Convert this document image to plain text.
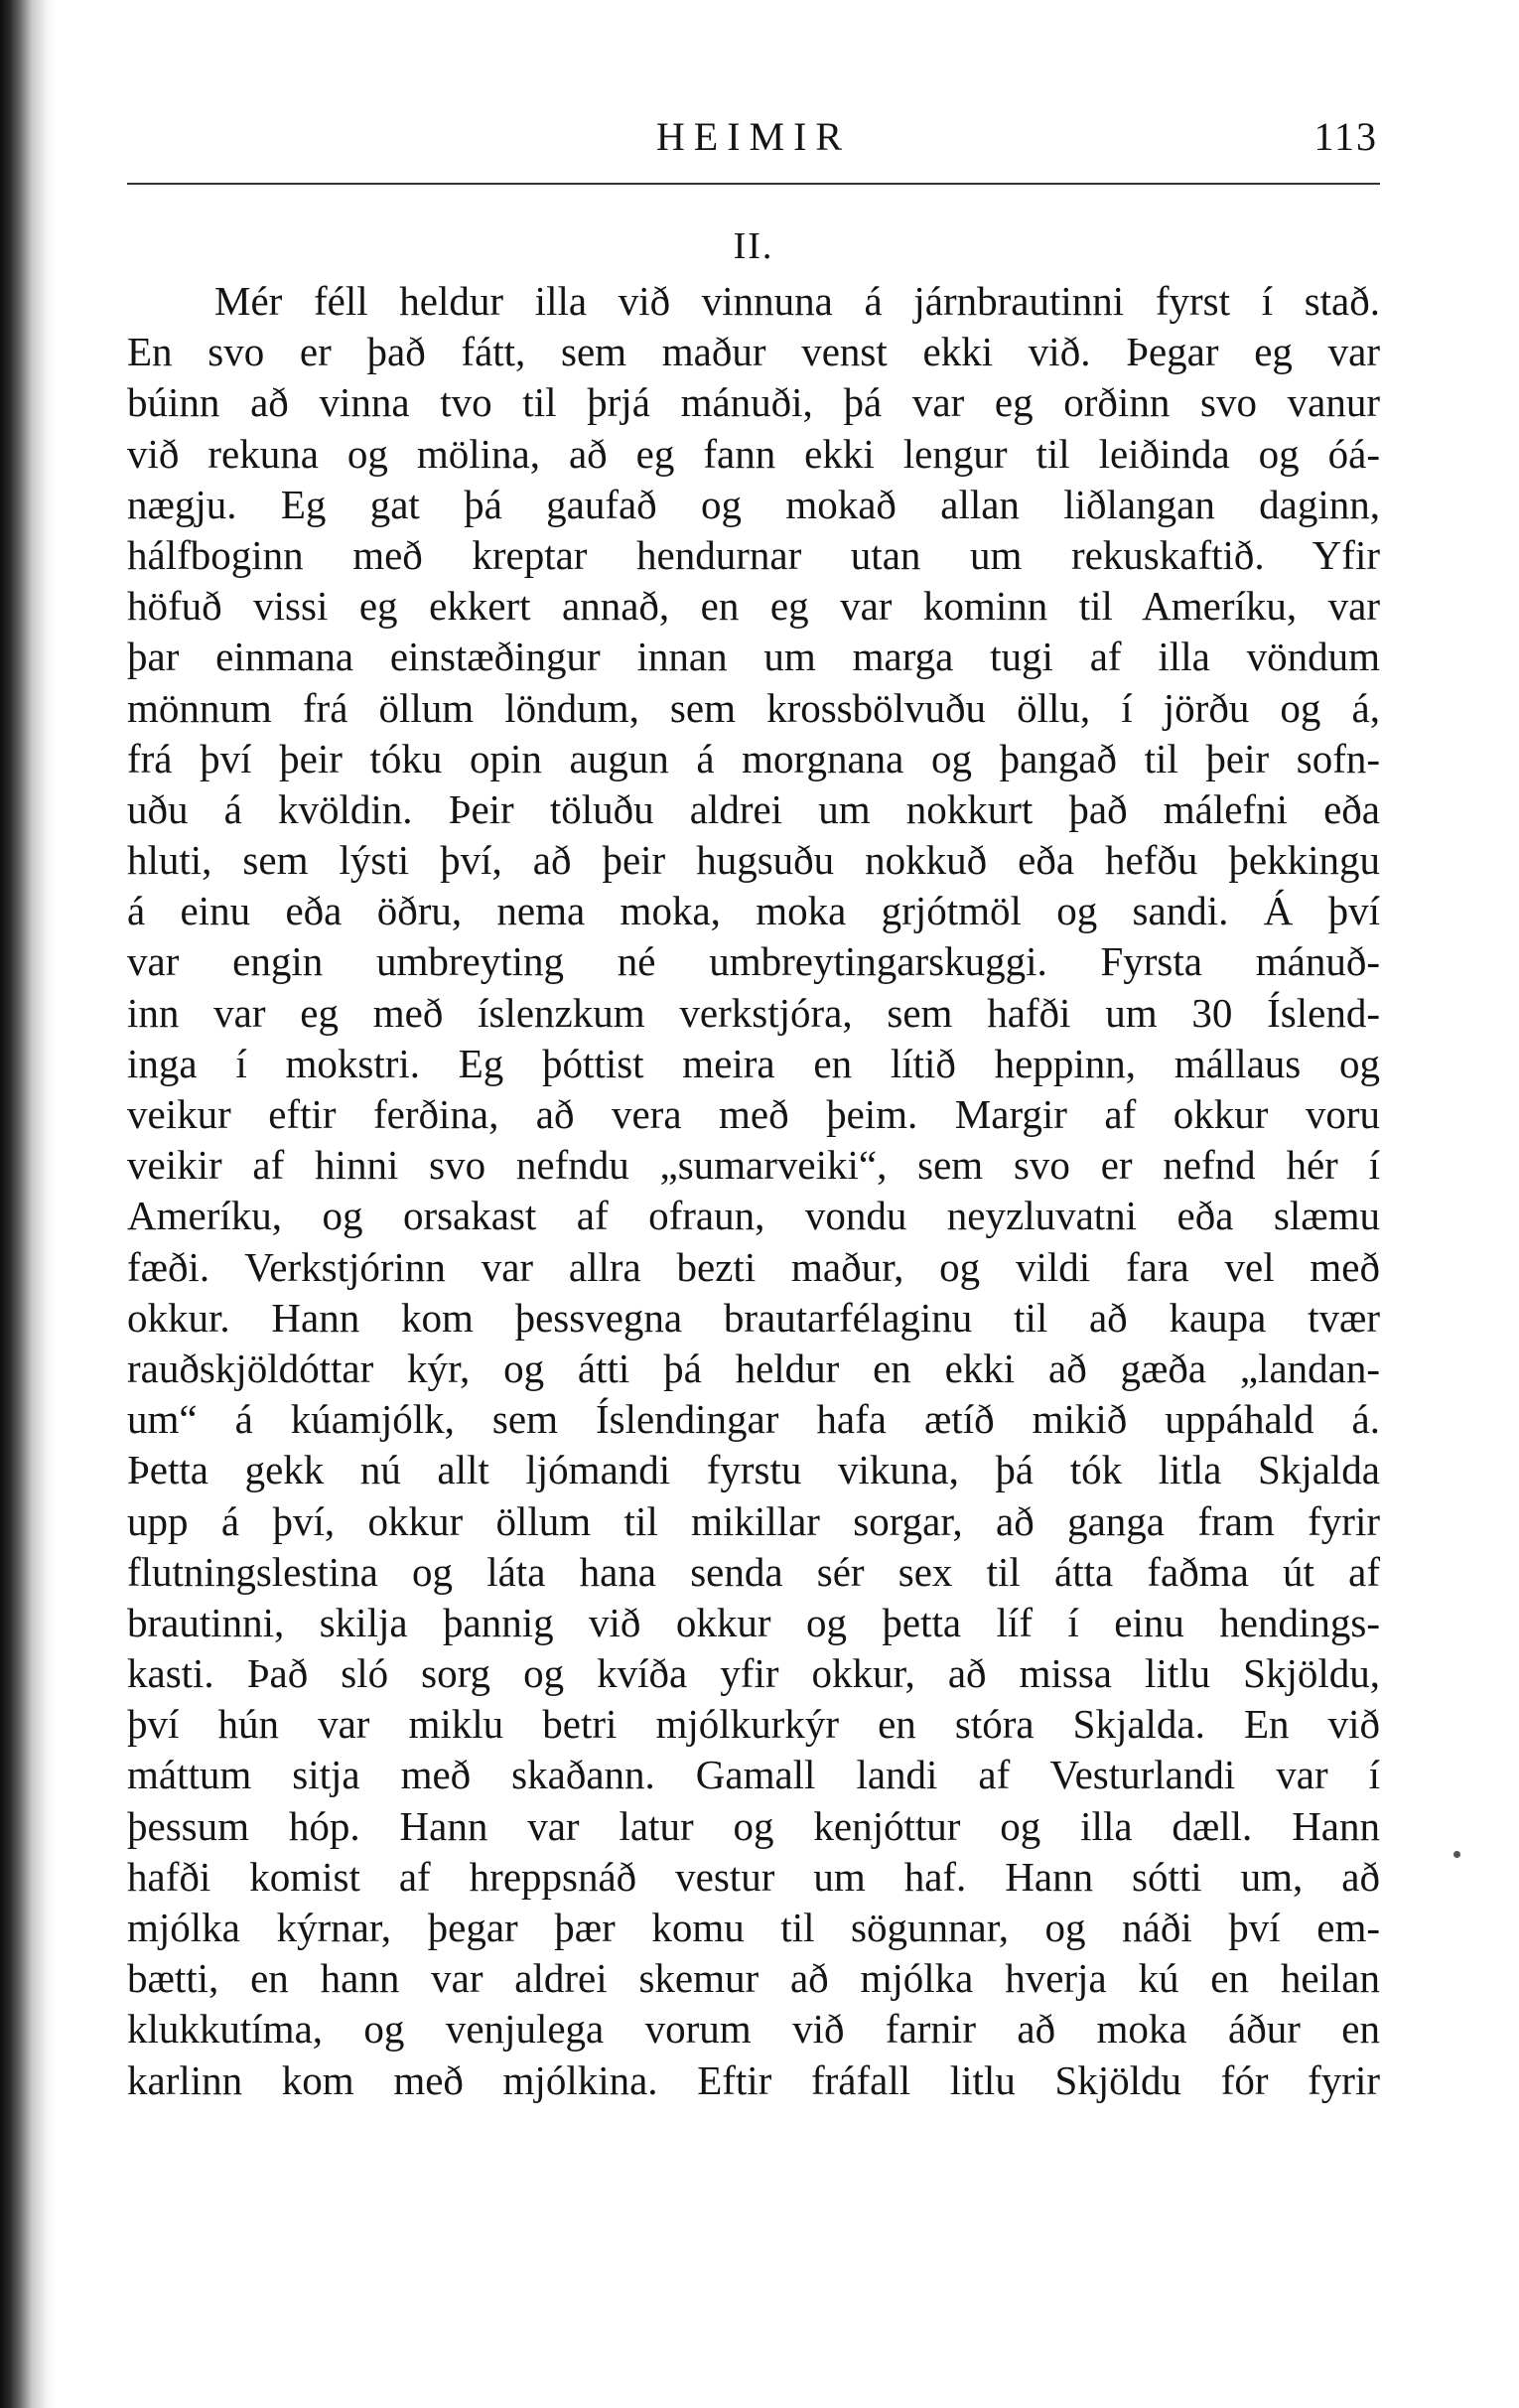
HEIMIR	113
II.
Mér féll heldur illa við vinnuna á járnbrautinni fyrst í stað.
En svo er það fátt, sem maður venst ekki við. Þegar eg var
búinn að vinna tvo til þrjá mánuði, þá var eg orðinn svo vanur
við rekuna og mölina, að eg fann ekki lengur til leiðinda og óá-
nægju. Eg gat þá gaufað og mokað allan liðlangan daginn,
hálfboginn með kreptar hendurnar utan um rekuskaftið. Yfir
höfuð vissi eg ekkert annað, en eg var kominn til Ameríku, var
þar einmana einstæðingur innan um marga tugi af illa vöndum
mönnum frá öllum löndum, sem krossbölvuðu öllu, í jörðu og á,
frá því þeir tóku opin augun á morgnana og þangað til þeir sofn-
uðu á kvöldin. Þeir töluðu aldrei um nokkurt það málefni eða
hluti, sem lýsti því, að þeir hugsuðu nokkuð eða hefðu þekkingu
á einu eða öðru, nema moka, moka grjótmöl og sandi. Á því
var engin umbreyting né umbreytingarskuggi. Fyrsta mánuð-
inn var eg með íslenzkum verkstjóra, sem hafði um 30 Íslend-
inga í mokstri. Eg þóttist meira en lítið heppinn, mállaus og
veikur eftir ferðina, að vera með þeim. Margir af okkur voru
veikir af hinni svo nefndu „sumarveiki“, sem svo er nefnd hér í
Ameríku, og orsakast af ofraun, vondu neyzluvatni eða slæmu
fæði. Verkstjórinn var allra bezti maður, og vildi fara vel með
okkur. Hann kom þessvegna brautarfélaginu til að kaupa tvær
rauðskjöldóttar kýr, og átti þá heldur en ekki að gæða „landan-
um“ á kúamjólk, sem Íslendingar hafa ætíð mikið uppáhald á.
Þetta gekk nú allt ljómandi fyrstu vikuna, þá tók litla Skjalda
upp á því, okkur öllum til mikillar sorgar, að ganga fram fyrir
flutningslestina og láta hana senda sér sex til átta faðma út af
brautinni, skilja þannig við okkur og þetta líf í einu hendings-
kasti. Það sló sorg og kvíða yfir okkur, að missa litlu Skjöldu,
því hún var miklu betri mjólkurkýr en stóra Skjalda. En við
máttum sitja með skaðann. Gamall landi af Vesturlandi var í
þessum hóp. Hann var latur og kenjóttur og illa dæll. Hann
hafði komist af hreppsnáð vestur um haf. Hann sótti um, að
mjólka kýrnar, þegar þær komu til sögunnar, og náði því em-
bætti, en hann var aldrei skemur að mjólka hverja kú en heilan
klukkutíma, og venjulega vorum við farnir að moka áður en
karlinn kom með mjólkina. Eftir fráfall litlu Skjöldu fór fyrir
